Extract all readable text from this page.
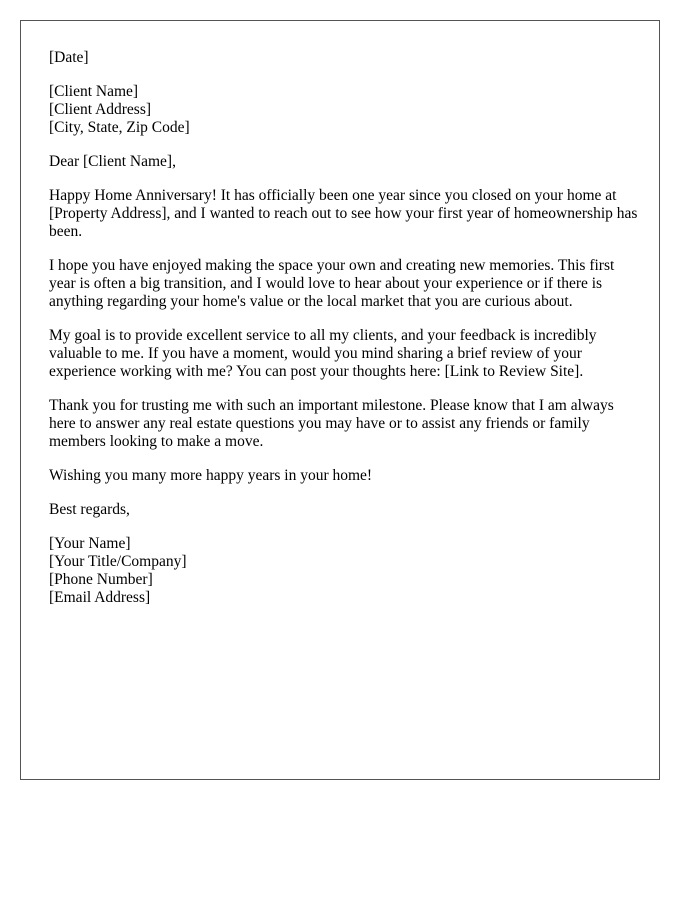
[Date]
[Client Name]
[Client Address]
[City, State, Zip Code]
Dear [Client Name],

Happy Home Anniversary! It has officially been one year since you closed on your home at [Property Address], and I wanted to reach out to see how your first year of homeownership has been.

I hope you have enjoyed making the space your own and creating new memories. This first year is often a big transition, and I would love to hear about your experience or if there is anything regarding your home's value or the local market that you are curious about.

My goal is to provide excellent service to all my clients, and your feedback is incredibly valuable to me. If you have a moment, would you mind sharing a brief review of your experience working with me? You can post your thoughts here: [Link to Review Site].

Thank you for trusting me with such an important milestone. Please know that I am always here to answer any real estate questions you may have or to assist any friends or family members looking to make a move.

Wishing you many more happy years in your home!

Best regards,
[Your Name]
[Your Title/Company]
[Phone Number]
[Email Address]
